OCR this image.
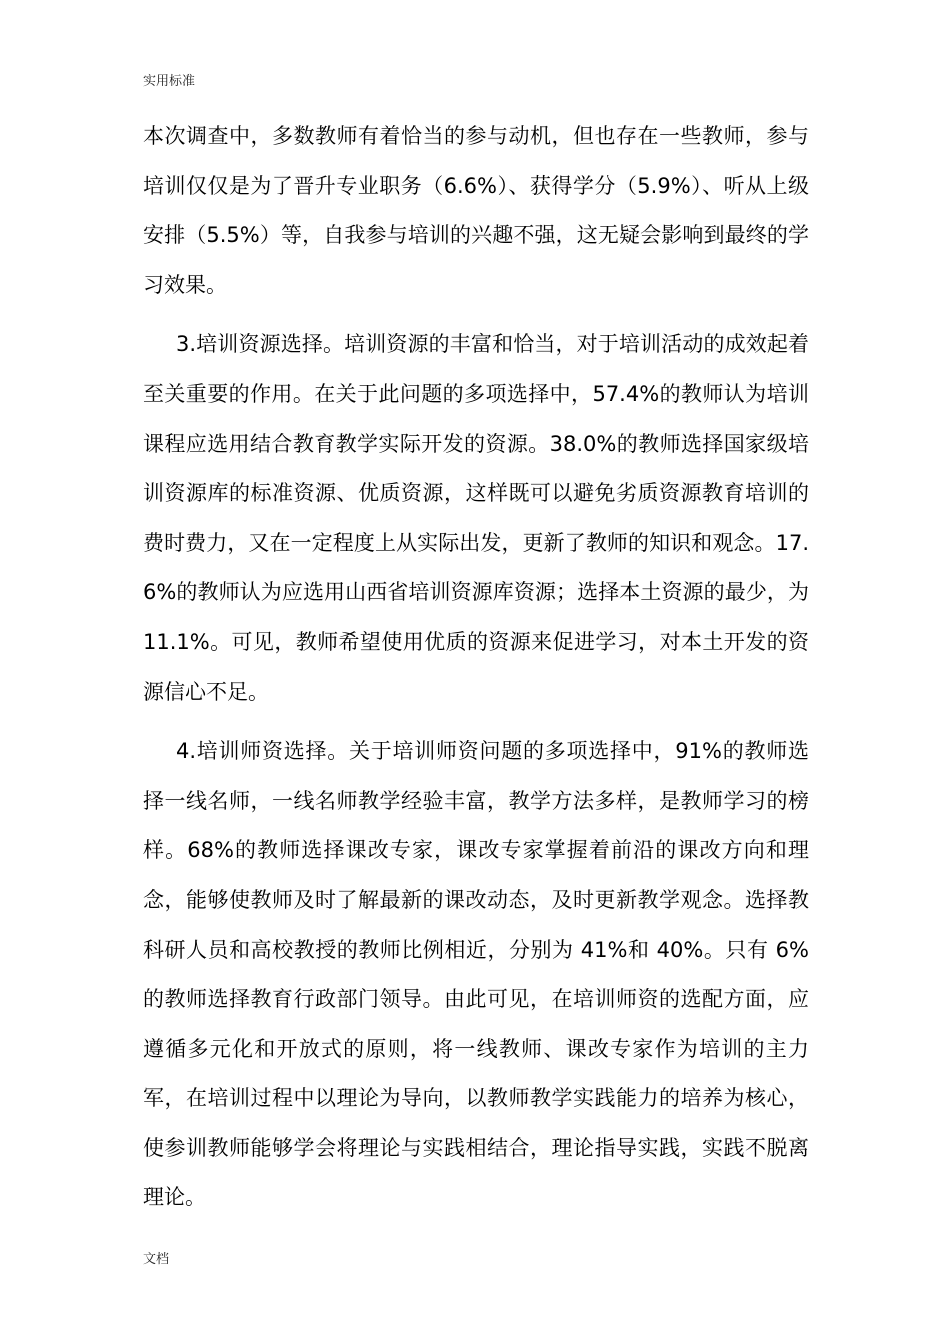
实用标准

本次调查中，多数教师有着恰当的参与动机，但也存在一些教师，参与培训仅仅是为了晋升专业职务（6.6%）、获得学分（5.9%）、听从上级安排（5.5%）等，自我参与培训的兴趣不强，这无疑会影响到最终的学习效果。

3.培训资源选择。培训资源的丰富和恰当，对于培训活动的成效起着至关重要的作用。在关于此问题的多项选择中，57.4%的教师认为培训课程应选用结合教育教学实际开发的资源。38.0%的教师选择国家级培训资源库的标准资源、优质资源，这样既可以避免劣质资源教育培训的费时费力，又在一定程度上从实际出发，更新了教师的知识和观念。17.6%的教师认为应选用山西省培训资源库资源；选择本土资源的最少，为 11.1%。可见，教师希望使用优质的资源来促进学习，对本土开发的资源信心不足。

4.培训师资选择。关于培训师资问题的多项选择中，91%的教师选择一线名师，一线名师教学经验丰富，教学方法多样，是教师学习的榜样。68%的教师选择课改专家，课改专家掌握着前沿的课改方向和理念，能够使教师及时了解最新的课改动态，及时更新教学观念。选择教科研人员和高校教授的教师比例相近，分别为 41%和 40%。只有 6%的教师选择教育行政部门领导。由此可见，在培训师资的选配方面，应遵循多元化和开放式的原则，将一线教师、课改专家作为培训的主力军，在培训过程中以理论为导向，以教师教学实践能力的培养为核心，使参训教师能够学会将理论与实践相结合，理论指导实践，实践不脱离理论。

文档
